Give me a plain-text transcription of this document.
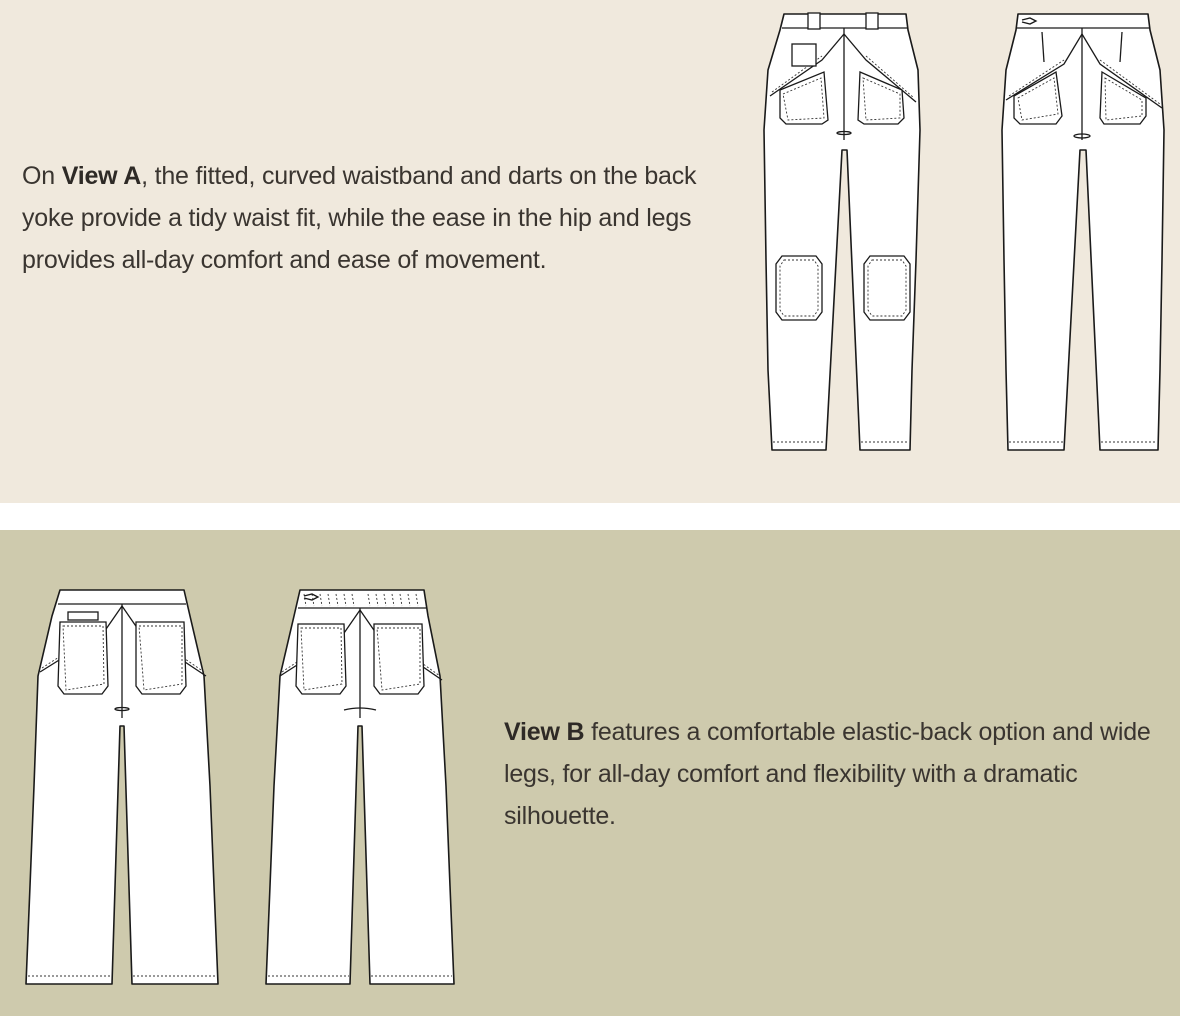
On View A, the fitted, curved waistband and darts on the back yoke provide a tidy waist fit, while the ease in the hip and legs provides all-day comfort and ease of movement.

View B features a comfortable elastic-back option and wide legs, for all-day comfort and flexibility with a dramatic silhouette.
